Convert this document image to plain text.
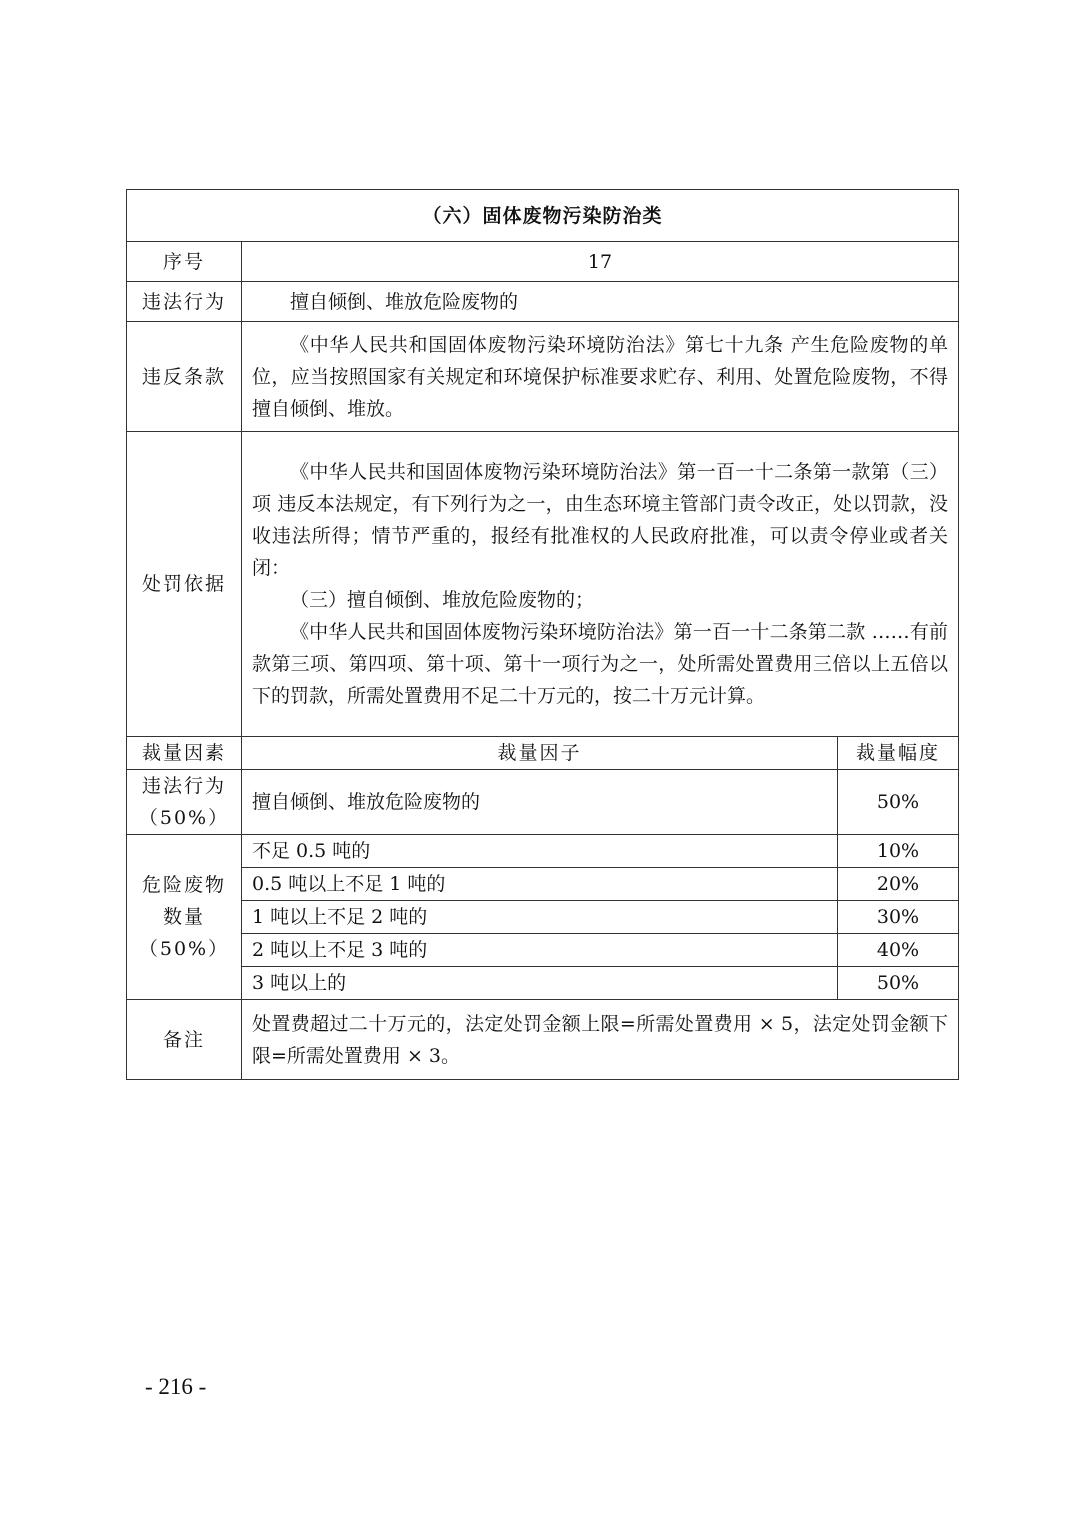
（六）固体废物污染防治类		
序号	17	
违法行为	擅自倾倒、堆放危险废物的	

违反条款	《中华人民共和国固体废物污染环境防治法》第七十九条 产生危险废物的单位，应当按照国家有关规定和环境保护标准要求贮存、利用、处置危险废物，不得擅自倾倒、堆放。	

处罚依据	《中华人民共和国固体废物污染环境防治法》第一百一十二条第一款第（三）项 违反本法规定，有下列行为之一，由生态环境主管部门责令改正，处以罚款，没收违法所得；情节严重的，报经有批准权的人民政府批准，可以责令停业或者关闭：

（三）擅自倾倒、堆放危险废物的；

《中华人民共和国固体废物污染环境防治法》第一百一十二条第二款 ……有前款第三项、第四项、第十项、第十一项行为之一，处所需处置费用三倍以上五倍以下的罚款，所需处置费用不足二十万元的，按二十万元计算。	

裁量因素	裁量因子	裁量幅度

违法行为
（50%）	擅自倾倒、堆放危险废物的	50%

危险废物
数量
（50%）	不足 0.5 吨的	10%
	0.5 吨以上不足 1 吨的	20%
	1 吨以上不足 2 吨的	30%
	2 吨以上不足 3 吨的	40%
	3 吨以上的	50%
备注	处置费超过二十万元的，法定处罚金额上限=所需处置费用 × 5，法定处罚金额下限=所需处置费用 × 3。	

- 216 -
